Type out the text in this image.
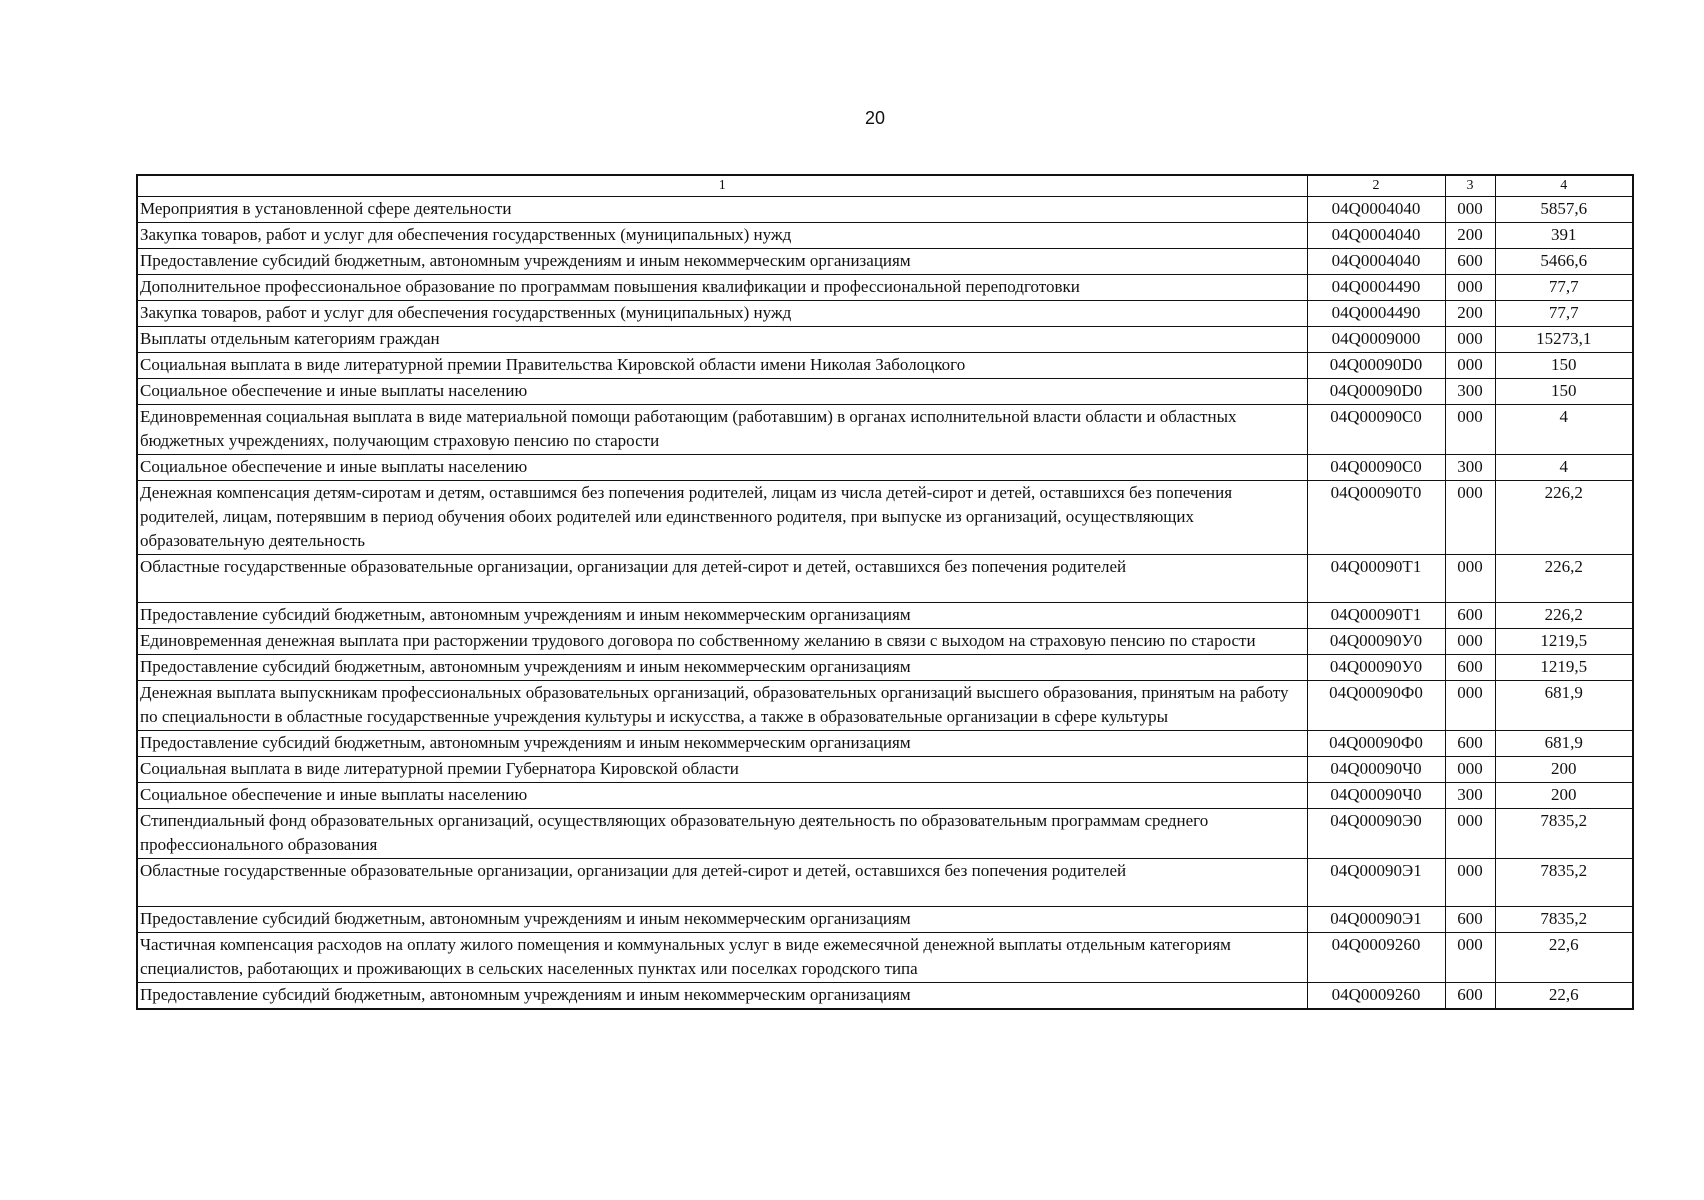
20
1	2	3	4
Мероприятия в установленной сфере деятельности	04Q0004040	000	5857,6
Закупка товаров, работ и услуг для обеспечения государственных (муниципальных) нужд	04Q0004040	200	391
Предоставление субсидий бюджетным, автономным учреждениям и иным некоммерческим организациям	04Q0004040	600	5466,6
Дополнительное профессиональное образование по программам повышения квалификации и профессиональной переподготовки	04Q0004490	000	77,7
Закупка товаров, работ и услуг для обеспечения государственных (муниципальных) нужд	04Q0004490	200	77,7
Выплаты отдельным категориям граждан	04Q0009000	000	15273,1
Социальная выплата в виде литературной премии Правительства Кировской области имени Николая Заболоцкого	04Q00090D0	000	150
Социальное обеспечение и иные выплаты населению	04Q00090D0	300	150
Единовременная социальная выплата в виде материальной помощи работающим (работавшим) в органах исполнительной власти области и областных бюджетных учреждениях, получающим страховую пенсию по старости	04Q00090C0	000	4
Социальное обеспечение и иные выплаты населению	04Q00090C0	300	4
Денежная компенсация детям-сиротам и детям, оставшимся без попечения родителей, лицам из числа детей-сирот и детей, оставшихся без попечения родителей, лицам, потерявшим в период обучения обоих родителей или единственного родителя, при выпуске из организаций, осуществляющих образовательную деятельность	04Q00090T0	000	226,2
Областные государственные образовательные организации, организации для детей-сирот и детей, оставшихся без попечения родителей	04Q00090T1	000	226,2
Предоставление субсидий бюджетным, автономным учреждениям и иным некоммерческим организациям	04Q00090T1	600	226,2
Единовременная денежная выплата при расторжении трудового договора по собственному желанию в связи с выходом на страховую пенсию по старости	04Q00090У0	000	1219,5
Предоставление субсидий бюджетным, автономным учреждениям и иным некоммерческим организациям	04Q00090У0	600	1219,5
Денежная выплата выпускникам профессиональных образовательных организаций, образовательных организаций высшего образования, принятым на работу по специальности в областные государственные учреждения культуры и искусства, а также в образовательные организации в сфере культуры	04Q00090Ф0	000	681,9
Предоставление субсидий бюджетным, автономным учреждениям и иным некоммерческим организациям	04Q00090Ф0	600	681,9
Социальная выплата в виде литературной премии Губернатора Кировской области	04Q00090Ч0	000	200
Социальное обеспечение и иные выплаты населению	04Q00090Ч0	300	200
Стипендиальный фонд образовательных организаций, осуществляющих образовательную деятельность по образовательным программам среднего профессионального образования	04Q00090Э0	000	7835,2
Областные государственные образовательные организации, организации для детей-сирот и детей, оставшихся без попечения родителей	04Q00090Э1	000	7835,2
Предоставление субсидий бюджетным, автономным учреждениям и иным некоммерческим организациям	04Q00090Э1	600	7835,2
Частичная компенсация расходов на оплату жилого помещения и коммунальных услуг в виде ежемесячной денежной выплаты отдельным категориям специалистов, работающих и проживающих в сельских населенных пунктах или поселках городского типа	04Q0009260	000	22,6
Предоставление субсидий бюджетным, автономным учреждениям и иным некоммерческим организациям	04Q0009260	600	22,6
